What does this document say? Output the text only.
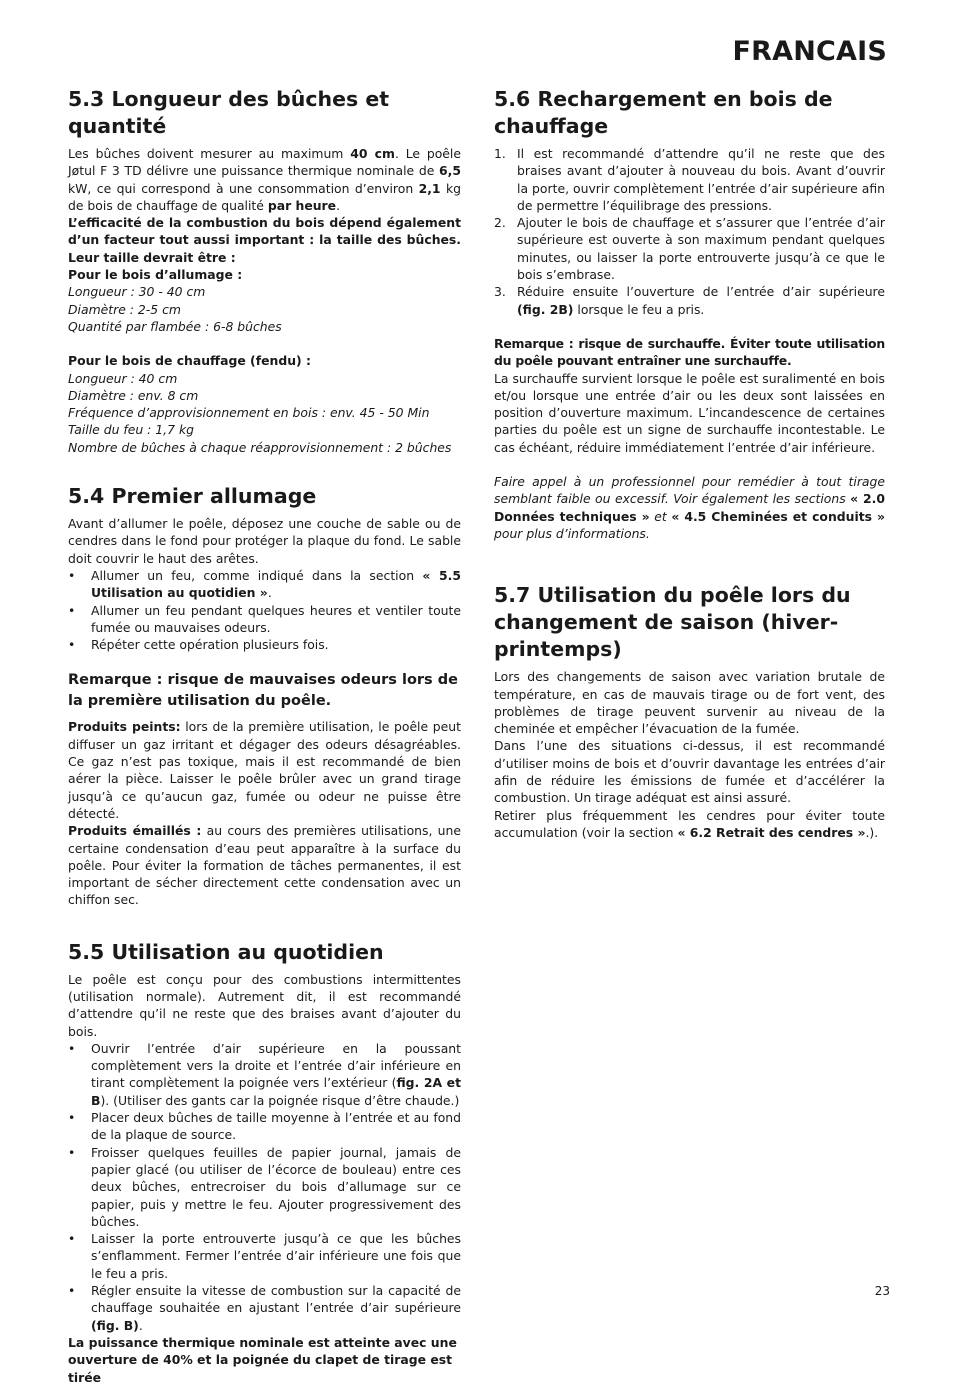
FRANCAIS
5.3 Longueur des bûches et quantité

Les bûches doivent mesurer au maximum 40 cm. Le poêle Jøtul F 3 TD délivre une puissance thermique nominale de 6,5 kW, ce qui correspond à une consommation d’environ 2,1 kg de bois de chauffage de qualité par heure.

L’efficacité de la combustion du bois dépend également d’un facteur tout aussi important : la taille des bûches. Leur taille devrait être :

Pour le bois d’allumage :

Longueur : 30 - 40 cm

Diamètre : 2-5 cm

Quantité par flambée : 6-8 bûches

Pour le bois de chauffage (fendu) :

Longueur : 40 cm

Diamètre : env. 8 cm

Fréquence d’approvisionnement en bois : env. 45 - 50 Min

Taille du feu : 1,7 kg

Nombre de bûches à chaque réapprovisionnement : 2 bûches

5.4 Premier allumage

Avant d’allumer le poêle, déposez une couche de sable ou de cendres dans le fond pour protéger la plaque du fond. Le sable doit couvrir le haut des arêtes.

• Allumer un feu, comme indiqué dans la section « 5.5 Utilisation au quotidien ».
• Allumer un feu pendant quelques heures et ventiler toute fumée ou mauvaises odeurs.
• Répéter cette opération plusieurs fois.

Remarque : risque de mauvaises odeurs lors de la première utilisation du poêle.

Produits peints: lors de la première utilisation, le poêle peut diffuser un gaz irritant et dégager des odeurs désagréables. Ce gaz n’est pas toxique, mais il est recommandé de bien aérer la pièce. Laisser le poêle brûler avec un grand tirage jusqu’à ce qu’aucun gaz, fumée ou odeur ne puisse être détecté.

Produits émaillés : au cours des premières utilisations, une certaine condensation d’eau peut apparaître à la surface du poêle. Pour éviter la formation de tâches permanentes, il est important de sécher directement cette condensation avec un chiffon sec.

5.5 Utilisation au quotidien

Le poêle est conçu pour des combustions intermittentes (utilisation normale). Autrement dit, il est recommandé d’attendre qu’il ne reste que des braises avant d’ajouter du bois.

• Ouvrir l’entrée d’air supérieure en la poussant complètement vers la droite et l’entrée d’air inférieure en tirant complètement la poignée vers l’extérieur (fig. 2A et B). (Utiliser des gants car la poignée risque d’être chaude.)
• Placer deux bûches de taille moyenne à l’entrée et au fond de la plaque de source.
• Froisser quelques feuilles de papier journal, jamais de papier glacé (ou utiliser de l’écorce de bouleau) entre ces deux bûches, entrecroiser du bois d’allumage sur ce papier, puis y mettre le feu. Ajouter progressivement des bûches.
• Laisser la porte entrouverte jusqu’à ce que les bûches s’enflamment. Fermer l’entrée d’air inférieure une fois que le feu a pris.
• Régler ensuite la vitesse de combustion sur la capacité de chauffage souhaitée en ajustant l’entrée d’air supérieure (fig. B).

La puissance thermique nominale est atteinte avec une ouverture de 40% et la poignée du clapet de tirage est tirée

5.6 Rechargement en bois de chauffage
1. Il est recommandé d’attendre qu’il ne reste que des braises avant d’ajouter à nouveau du bois. Avant d’ouvrir la porte, ouvrir complètement l’entrée d’air supérieure afin de permettre l’équilibrage des pressions.
2. Ajouter le bois de chauffage et s’assurer que l’entrée d’air supérieure est ouverte à son maximum pendant quelques minutes, ou laisser la porte entrouverte jusqu’à ce que le bois s’embrase.
3. Réduire ensuite l’ouverture de l’entrée d’air supérieure (fig. 2B) lorsque le feu a pris.

Remarque : risque de surchauffe. Éviter toute utilisation du poêle pouvant entraîner une surchauffe.

La surchauffe survient lorsque le poêle est suralimenté en bois et/ou lorsque une entrée d’air ou les deux sont laissées en position d’ouverture maximum. L’incandescence de certaines parties du poêle est un signe de surchauffe incontestable. Le cas échéant, réduire immédiatement l’entrée d’air inférieure.

Faire appel à un professionnel pour remédier à tout tirage semblant faible ou excessif. Voir également les sections « 2.0 Données techniques » et « 4.5 Cheminées et conduits » pour plus d’informations.

5.7 Utilisation du poêle lors du changement de saison (hiver-printemps)

Lors des changements de saison avec variation brutale de température, en cas de mauvais tirage ou de fort vent, des problèmes de tirage peuvent survenir au niveau de la cheminée et empêcher l’évacuation de la fumée.

Dans l’une des situations ci-dessus, il est recommandé d’utiliser moins de bois et d’ouvrir davantage les entrées d’air afin de réduire les émissions de fumée et d’accélérer la combustion. Un tirage adéquat est ainsi assuré.

Retirer plus fréquemment les cendres pour éviter toute accumulation (voir la section « 6.2 Retrait des cendres ».).

23
